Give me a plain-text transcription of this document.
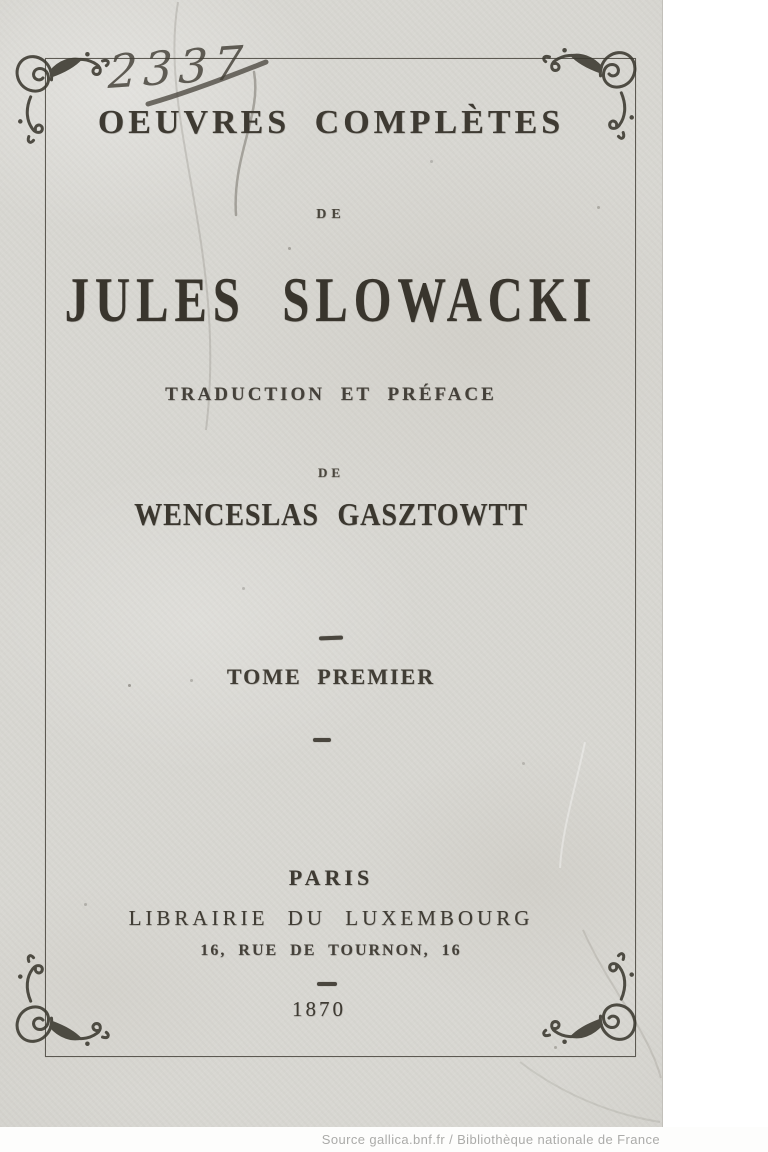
2337
OEUVRES COMPLÈTES
DE
JULES SLOWACKI
TRADUCTION ET PRÉFACE
DE
WENCESLAS GASZTOWTT
TOME PREMIER
PARIS
LIBRAIRIE DU LUXEMBOURG
16, RUE DE TOURNON, 16
1870
Source gallica.bnf.fr / Bibliothèque nationale de France
